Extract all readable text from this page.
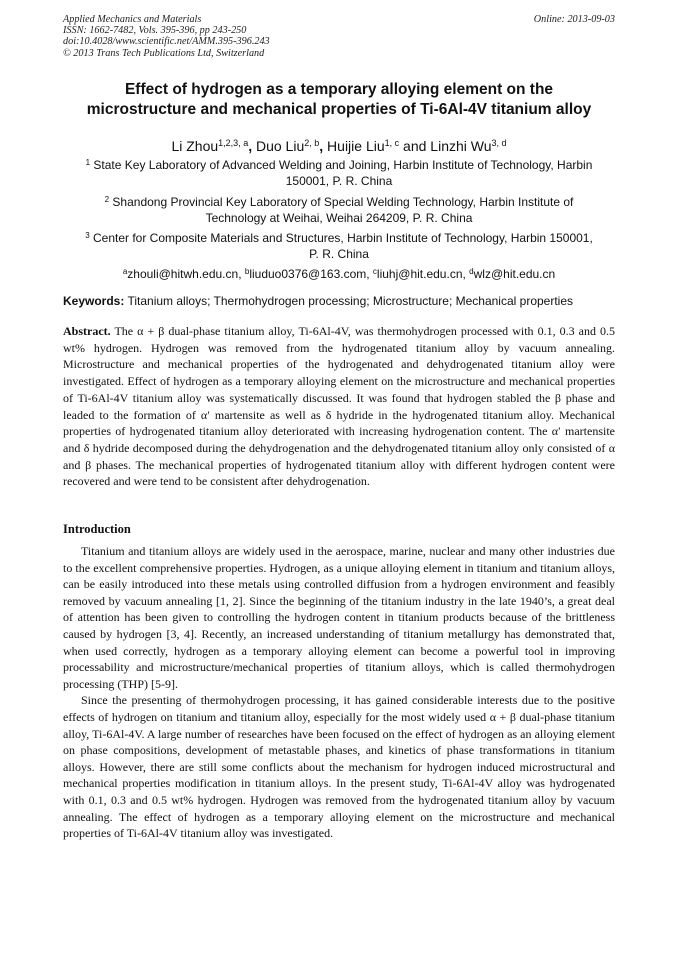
Applied Mechanics and Materials
ISSN: 1662-7482, Vols. 395-396, pp 243-250
doi:10.4028/www.scientific.net/AMM.395-396.243
© 2013 Trans Tech Publications Ltd, Switzerland
Online: 2013-09-03
Effect of hydrogen as a temporary alloying element on the
microstructure and mechanical properties of Ti-6Al-4V titanium alloy
Li Zhou$^{1,2,3, a}$, Duo Liu$^{2, b}$, Huijie Liu$^{1, c}$ and Linzhi Wu$^{3, d}$
$^1$ State Key Laboratory of Advanced Welding and Joining, Harbin Institute of Technology, Harbin
150001, P. R. China
$^2$ Shandong Provincial Key Laboratory of Special Welding Technology, Harbin Institute of
Technology at Weihai, Weihai 264209, P. R. China
$^3$ Center for Composite Materials and Structures, Harbin Institute of Technology, Harbin 150001,
P. R. China
$^a$zhouli@hitwh.edu.cn, $^b$liuduo0376@163.com, $^c$liuhj@hit.edu.cn, $^d$wlz@hit.edu.cn
Keywords: Titanium alloys; Thermohydrogen processing; Microstructure; Mechanical properties
Abstract. The α + β dual-phase titanium alloy, Ti-6Al-4V, was thermohydrogen processed with 0.1, 0.3 and 0.5 wt% hydrogen. Hydrogen was removed from the hydrogenated titanium alloy by vacuum annealing. Microstructure and mechanical properties of the hydrogenated and dehydrogenated titanium alloy were investigated. Effect of hydrogen as a temporary alloying element on the microstructure and mechanical properties of Ti-6Al-4V titanium alloy was systematically discussed. It was found that hydrogen stabled the β phase and leaded to the formation of α′ martensite as well as δ hydride in the hydrogenated titanium alloy. Mechanical properties of hydrogenated titanium alloy deteriorated with increasing hydrogenation content. The α′ martensite and δ hydride decomposed during the dehydrogenation and the dehydrogenated titanium alloy only consisted of α and β phases. The mechanical properties of hydrogenated titanium alloy with different hydrogen content were recovered and were tend to be consistent after dehydrogenation.
Introduction

Titanium and titanium alloys are widely used in the aerospace, marine, nuclear and many other industries due to the excellent comprehensive properties. Hydrogen, as a unique alloying element in titanium and titanium alloys, can be easily introduced into these metals using controlled diffusion from a hydrogen environment and feasibly removed by vacuum annealing [1, 2]. Since the beginning of the titanium industry in the late 1940’s, a great deal of attention has been given to controlling the hydrogen content in titanium products because of the brittleness caused by hydrogen [3, 4]. Recently, an increased understanding of titanium metallurgy has demonstrated that, when used correctly, hydrogen as a temporary alloying element can become a powerful tool in improving processability and microstructure/mechanical properties of titanium alloys, which is called thermohydrogen processing (THP) [5-9].

Since the presenting of thermohydrogen processing, it has gained considerable interests due to the positive effects of hydrogen on titanium and titanium alloy, especially for the most widely used α + β dual-phase titanium alloy, Ti-6Al-4V. A large number of researches have been focused on the effect of hydrogen as an alloying element on phase compositions, development of metastable phases, and kinetics of phase transformations in titanium alloys. However, there are still some conflicts about the mechanism for hydrogen induced microstructural and mechanical properties modification in titanium alloys. In the present study, Ti-6Al-4V alloy was hydrogenated with 0.1, 0.3 and 0.5 wt% hydrogen. Hydrogen was removed from the hydrogenated titanium alloy by vacuum annealing. The effect of hydrogen as a temporary alloying element on the microstructure and mechanical properties of Ti-6Al-4V titanium alloy was investigated.
